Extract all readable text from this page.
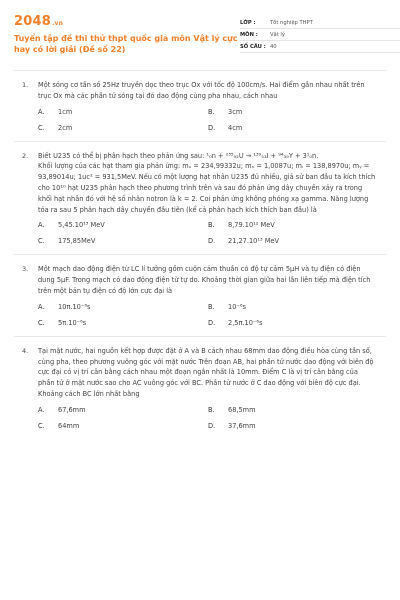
2048.vn
Tuyển tập đề thi thử thpt quốc gia môn Vật lý cực hay có lời giải (Đề số 22)
LỚP :	Tốt nghiệp THPT
MÔN :	Vật lý
SỐ CÂU : 40
1. Một sóng cơ tần số 25Hz truyền dọc theo trục Ox với tốc độ 100cm/s. Hai điểm gần nhau nhất trên trục Ox mà các phần tử sóng tại đó dao động cùng pha nhau, cách nhau
A.	1cm	B.	3cm
C.	2cm	D.	4cm
2. Biết U235 có thể bị phân hạch theo phản ứng sau: ¹₀n + ²³⁵₉₂U → ¹³⁹₅₃I + ⁹⁴₃₉Y + 3¹₀n.

Khối lượng của các hạt tham gia phản ứng: mᵤ = 234,99332u; mₙ = 1,0087u; mᵢ = 138,8970u; mᵧ = 93,89014u; 1uc² = 931,5MeV. Nếu có một lượng hạt nhân U235 đủ nhiều, giả sử ban đầu ta kích thích cho 10¹⁰ hạt U235 phân hạch theo phương trình trên và sau đó phản ứng dây chuyền xảy ra trong khối hạt nhân đó với hệ số nhân notron là k = 2. Coi phản ứng không phóng xạ gamma. Năng lượng tỏa ra sau 5 phân hạch dây chuyền đầu tiên (kể cả phân hạch kích thích ban đầu) là

A.	5,45.10¹³ MeV	B.	8,79.10¹² MeV
C.	175,85MeV	D.	21,27.10¹³ MeV
3. Một mạch dao động điện từ LC lí tưởng gồm cuộn cảm thuần có độ tự cảm 5μH và tụ điện có điện dung 5μF. Trong mạch có dao động điện từ tự do. Khoảng thời gian giữa hai lần liên tiếp mà điện tích trên một bản tụ điện có độ lớn cực đại là
A.	10π.10⁻⁶s	B.	10⁻⁶s
C.	5π.10⁻⁶s	D.	2,5π.10⁻⁶s
4. Tại mặt nước, hai nguồn kết hợp được đặt ở A và B cách nhau 68mm dao động điều hòa cùng tần số, cùng pha, theo phương vuông góc với mặt nước Trên đoạn AB, hai phần tử nước dao động với biên độ cực đại có vị trí cân bằng cách nhau một đoạn ngắn nhất là 10mm. Điểm C là vị trí cân bằng của phần tử ở mặt nước sao cho AC vuông góc với BC. Phần tử nước ở C dao động với biên độ cực đại. Khoảng cách BC lớn nhất bằng
A.	67,6mm	B.	68,5mm
C.	64mm	D.	37,6mm
